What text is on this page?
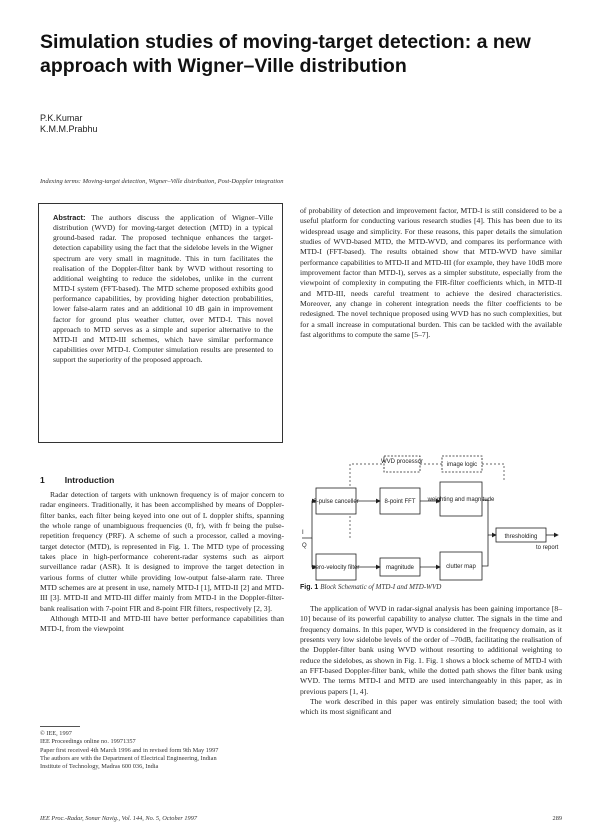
Simulation studies of moving-target detection: a new approach with Wigner–Ville distribution
P.K.Kumar
K.M.M.Prabhu
Indexing terms: Moving-target detection, Wigner–Ville distribution, Post-Doppler integration

Abstract: The authors discuss the application of Wigner–Ville distribution (WVD) for moving-target detection (MTD) in a typical ground-based radar. The proposed technique enhances the target-detection capability using the fact that the sidelobe levels in the Wigner spectrum are very small in magnitude. This in turn facilitates the realisation of the Doppler-filter bank by WVD without resorting to additional weighting to reduce the sidelobes, unlike in the current MTD-I system (FFT-based). The MTD scheme proposed exhibits good performance capabilities, by providing higher detection probabilities, lower false-alarm rates and an additional 10 dB gain in improvement factor for ground plus weather clutter, over MTD-I. This novel approach to MTD serves as a simple and superior alternative to the MTD-II and MTD-III schemes, which have similar performance capabilities over MTD-I. Computer simulation results are presented to support the superiority of the proposed approach.

1 Introduction

Radar detection of targets with unknown frequency is of major concern to radar engineers. Traditionally, it has been accomplished by means of Doppler-filter banks, each filter being keyed into one out of L doppler shifts, spanning the whole range of unambiguous frequencies (0, fr), with fr being the pulse-repetition frequency (PRF). A scheme of such a processor, called a moving-target detector (MTD), is represented in Fig. 1. The MTD type of processing takes place in high-performance coherent-radar systems such as airport surveillance radar (ASR). It is designed to improve the target detection in various forms of clutter while providing low-output false-alarm rate. Three MTD schemes are at present in use, namely MTD-I [1], MTD-II [2] and MTD-III [3]. MTD-II and MTD-III differ mainly from MTD-I in the Doppler-filter-bank realisation with 7-point FIR and 8-point FIR filters, respectively [2, 3].

Although MTD-II and MTD-III have better performance capabilities than MTD-I, from the viewpoint

© IEE, 1997
IEE Proceedings online no. 19971357
Paper first received 4th March 1996 and in revised form 9th May 1997
The authors are with the Department of Electrical Engineering, Indian
Institute of Technology, Madras 600 036, India

of probability of detection and improvement factor, MTD-I is still considered to be a useful platform for conducting various research studies [4]. This has been due to its widespread usage and simplicity. For these reasons, this paper details the simulation studies of WVD-based MTD, the MTD-WVD, and compares its performance with MTD-I (FFT-based). The results obtained show that MTD-WVD have similar performance capabilities to MTD-II and MTD-III (for example, they have 10dB more improvement factor than MTD-I), serves as a simpler substitute, especially from the viewpoint of complexity in computing the FIR-filter coefficients which, in MTD-II and MTD-III, needs careful treatment to achieve the desired characteristics. Moreover, any change in coherent integration needs the filter coefficients to be redesigned. The novel technique proposed using WVD has no such complexities, but for a small increase in computational burden. This can be tackled with the available fast algorithms to compute the same [5–7].

WVD processor	image logic
3-pulse canceller	8-point FFT weighting and magnitude
zero-velocity filter	magnitude	clutter map
thresholding
I
Q	to report
Fig. 1 Block Schematic of MTD-I and MTD-WVD

The application of WVD in radar-signal analysis has been gaining importance [8–10] because of its powerful capability to analyse clutter. The signals in the time and frequency domains. In this paper, WVD is considered in the frequency domain, as it presents very low sidelobe levels of the order of –70dB, facilitating the realisation of the Doppler-filter bank using WVD without resorting to additional weighting to reduce the sidelobes, as shown in Fig. 1. Fig. 1 shows a block scheme of MTD-I with an FFT-based Doppler-filter bank, while the dotted path shows the filter bank using WVD. The terms MTD-I and MTD are used interchangeably in this paper, as in previous papers [1, 4].

The work described in this paper was entirely simulation based; the tool with which its most significant and

IEE Proc.-Radar, Sonar Navig., Vol. 144, No. 5, October 1997	289
